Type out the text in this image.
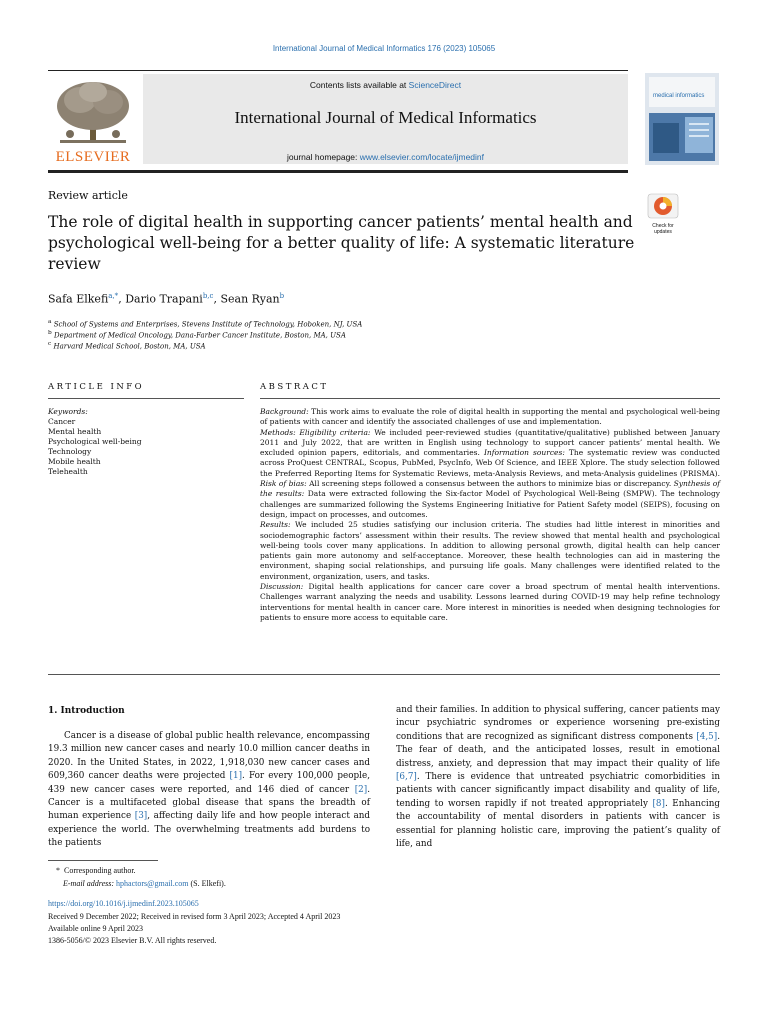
International Journal of Medical Informatics 176 (2023) 105065
ELSEVIER
Contents lists available at ScienceDirect
International Journal of Medical Informatics
journal homepage: www.elsevier.com/locate/ijmedinf
medical informatics
Review article
The role of digital health in supporting cancer patients’ mental health and psychological well-being for a better quality of life: A systematic literature review
Check for updates
Safa Elkefi$^{a,*}$, Dario Trapani$^{b,c}$, Sean Ryan$^b$
$^a$ School of Systems and Enterprises, Stevens Institute of Technology, Hoboken, NJ, USA
$^b$ Department of Medical Oncology, Dana-Farber Cancer Institute, Boston, MA, USA
$^c$ Harvard Medical School, Boston, MA, USA
ARTICLE INFO	ABSTRACT
Keywords:
Cancer
Mental health
Psychological well-being
Technology
Mobile health
Telehealth
Background: This work aims to evaluate the role of digital health in supporting the mental and psychological well-being of patients with cancer and identify the associated challenges of use and implementation.
Methods: Eligibility criteria: We included peer-reviewed studies (quantitative/qualitative) published between January 2011 and July 2022, that are written in English using technology to support cancer patients’ mental health. We excluded opinion papers, editorials, and commentaries. Information sources: The systematic review was conducted across ProQuest CENTRAL, Scopus, PubMed, PsycInfo, Web Of Science, and IEEE Xplore. The study selection followed the Preferred Reporting Items for Systematic Reviews, meta-Analysis Reviews, and meta-Analysis guidelines (PRISMA). Risk of bias: All screening steps followed a consensus between the authors to minimize bias or discrepancy. Synthesis of the results: Data were extracted following the Six-factor Model of Psychological Well-Being (SMPW). The technology challenges are summarized following the Systems Engineering Initiative for Patient Safety model (SEIPS), focusing on design, impact on processes, and outcomes.
Results: We included 25 studies satisfying our inclusion criteria. The studies had little interest in minorities and sociodemographic factors’ assessment within their results. The review showed that mental health and psychological well-being tools cover many applications. In addition to allowing personal growth, digital health can help cancer patients gain more autonomy and self-acceptance. Moreover, these health technologies can aid in mastering the environment, shaping social relationships, and pursuing life goals. Many challenges were identified related to the environment, organization, users, and tasks.
Discussion: Digital health applications for cancer care cover a broad spectrum of mental health interventions. Challenges warrant analyzing the needs and usability. Lessons learned during COVID-19 may help refine technology interventions for mental health in cancer care. More interest in minorities is needed when designing technologies for patients to ensure more access to equitable care.
1. Introduction
Cancer is a disease of global public health relevance, encompassing 19.3 million new cancer cases and nearly 10.0 million cancer deaths in 2020. In the United States, in 2022, 1,918,030 new cancer cases and 609,360 cancer deaths were projected [1]. For every 100,000 people, 439 new cancer cases were reported, and 146 died of cancer [2]. Cancer is a multifaceted global disease that spans the breadth of human experience [3], affecting daily life and how people interact and experience the world. The overwhelming treatments add burdens to the patients
and their families. In addition to physical suffering, cancer patients may incur psychiatric syndromes or experience worsening pre-existing conditions that are recognized as significant distress components [4,5]. The fear of death, and the anticipated losses, result in emotional distress, anxiety, and depression that may impact their quality of life [6,7]. There is evidence that untreated psychiatric comorbidities in patients with cancer significantly impact disability and quality of life, tending to worsen rapidly if not treated appropriately [8]. Enhancing the accountability of mental disorders in patients with cancer is essential for planning holistic care, improving the patient’s quality of life, and
* Corresponding author.
E-mail address: hphactors@gmail.com (S. Elkefi).
https://doi.org/10.1016/j.ijmedinf.2023.105065
Received 9 December 2022; Received in revised form 3 April 2023; Accepted 4 April 2023
Available online 9 April 2023
1386-5056/© 2023 Elsevier B.V. All rights reserved.
